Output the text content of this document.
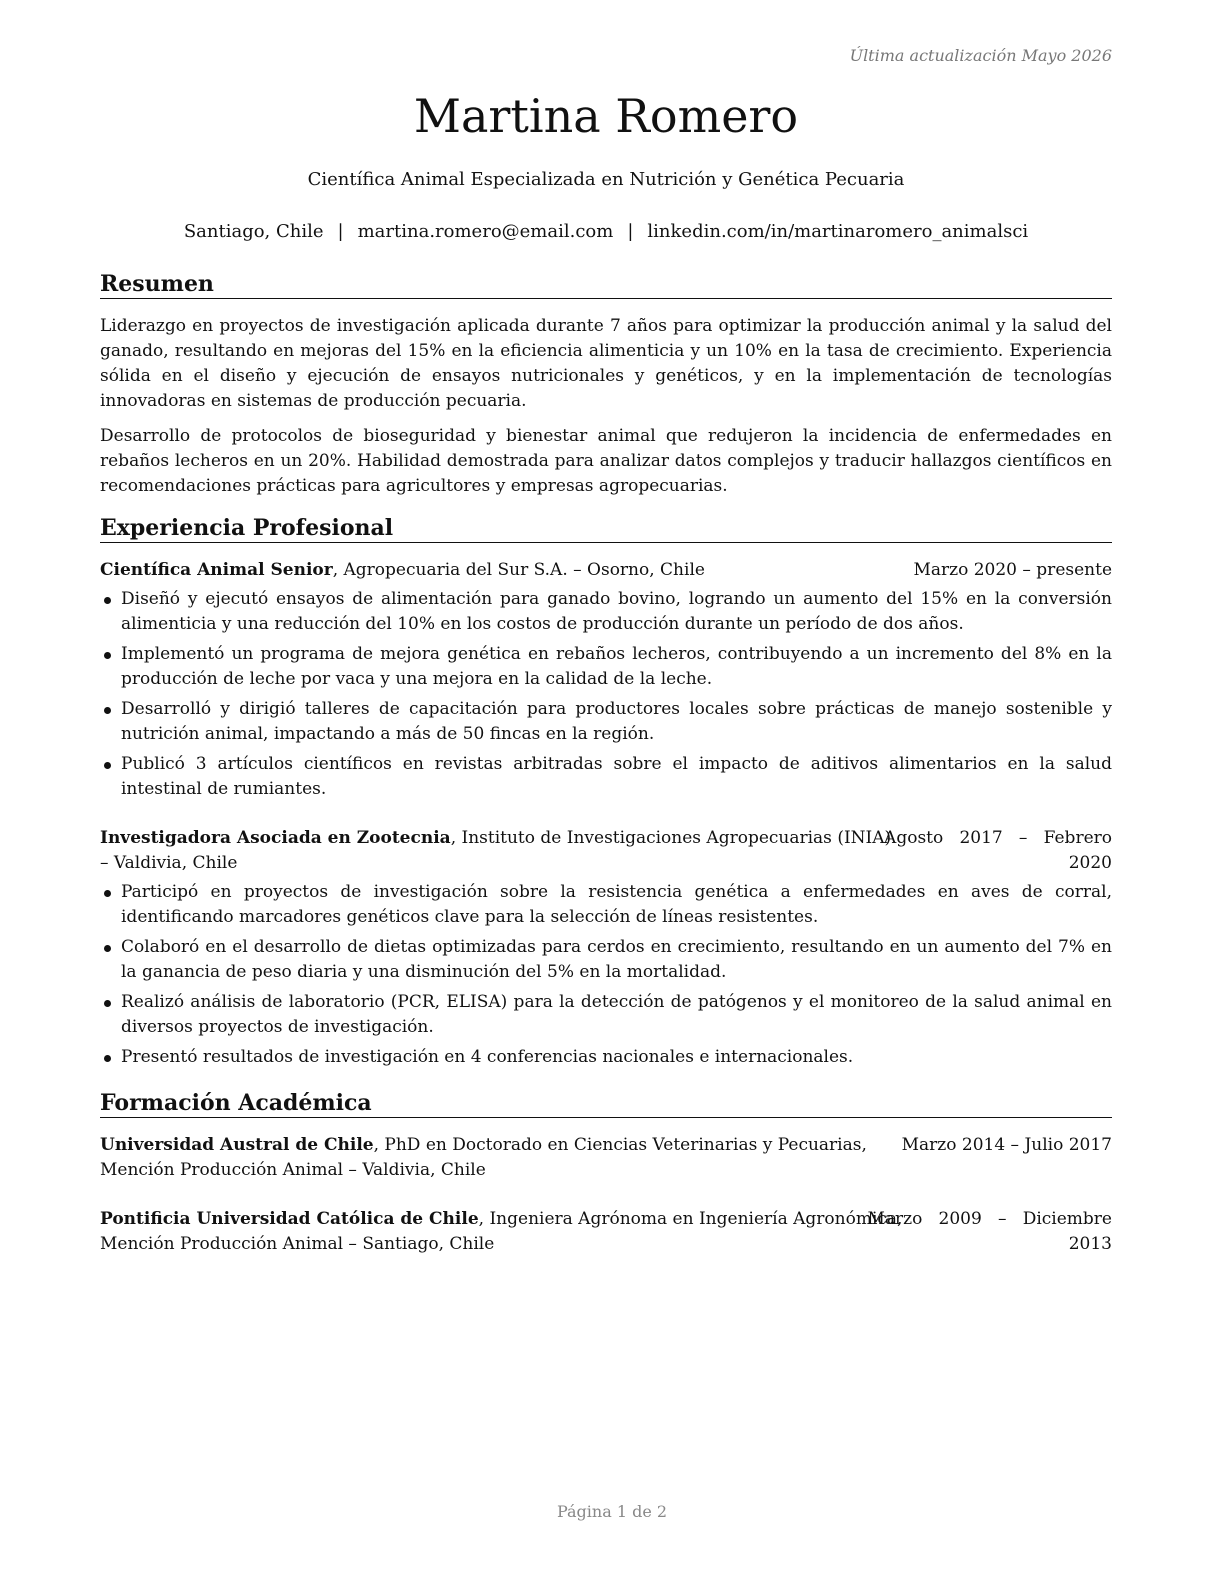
Última actualización Mayo 2026
Martina Romero
Científica Animal Especializada en Nutrición y Genética Pecuaria
Santiago, Chile | martina.romero@email.com | linkedin.com/in/martinaromero_animalsci
Resumen

Liderazgo en proyectos de investigación aplicada durante 7 años para optimizar la producción animal y la salud del ganado, resultando en mejoras del 15% en la eficiencia alimenticia y un 10% en la tasa de crecimiento. Experiencia sólida en el diseño y ejecución de ensayos nutricionales y genéticos, y en la implementación de tecnologías innovadoras en sistemas de producción pecuaria.

Desarrollo de protocolos de bioseguridad y bienestar animal que redujeron la incidencia de enfermedades en rebaños lecheros en un 20%. Habilidad demostrada para analizar datos complejos y traducir hallazgos científicos en recomendaciones prácticas para agricultores y empresas agropecuarias.

Experiencia Profesional
Científica Animal Senior, Agropecuaria del Sur S.A. – Osorno, Chile	Marzo 2020 – presente
Diseñó y ejecutó ensayos de alimentación para ganado bovino, logrando un aumento del 15% en la conversión alimenticia y una reducción del 10% en los costos de producción durante un período de dos años.
Implementó un programa de mejora genética en rebaños lecheros, contribuyendo a un incremento del 8% en la producción de leche por vaca y una mejora en la calidad de la leche.
Desarrolló y dirigió talleres de capacitación para productores locales sobre prácticas de manejo sostenible y nutrición animal, impactando a más de 50 fincas en la región.
Publicó 3 artículos científicos en revistas arbitradas sobre el impacto de aditivos alimentarios en la salud intestinal de rumiantes.
Investigadora Asociada en Zootecnia, Instituto de Investigaciones Agropecuarias (INIA)
– Valdivia, Chile
Agosto   2017   –   Febrero
2020
Participó en proyectos de investigación sobre la resistencia genética a enfermedades en aves de corral, identificando marcadores genéticos clave para la selección de líneas resistentes.
Colaboró en el desarrollo de dietas optimizadas para cerdos en crecimiento, resultando en un aumento del 7% en la ganancia de peso diaria y una disminución del 5% en la mortalidad.
Realizó análisis de laboratorio (PCR, ELISA) para la detección de patógenos y el monitoreo de la salud animal en diversos proyectos de investigación.
Presentó resultados de investigación en 4 conferencias nacionales e internacionales.
Formación Académica
Universidad Austral de Chile, PhD en Doctorado en Ciencias Veterinarias y Pecuarias, Marzo 2014 – Julio 2017
Mención Producción Animal – Valdivia, Chile
Pontificia Universidad Católica de Chile, Ingeniera Agrónoma en Ingeniería Agronómica,
Marzo   2009   –   Diciembre
Mención Producción Animal – Santiago, Chile	2013
Página 1 de 2
